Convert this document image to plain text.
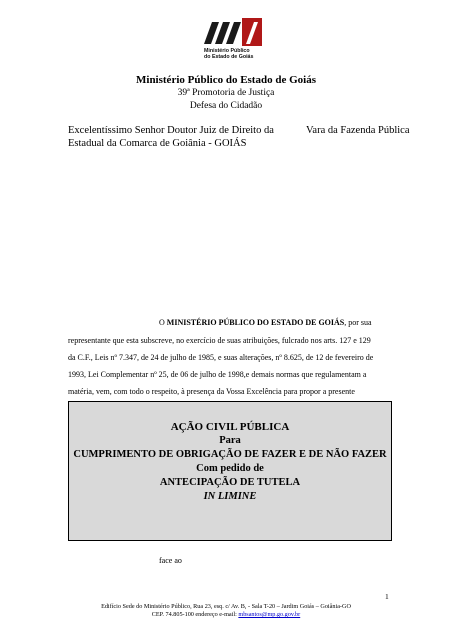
Ministério Público
do Estado de Goiás
Ministério Público do Estado de Goiás
39ª Promotoria de Justiça
Defesa do Cidadão
Excelentíssimo Senhor Doutor Juiz de Direito da
Estadual da Comarca de Goiânia - GOIÁS
Vara da Fazenda Pública
O MINISTÉRIO PÚBLICO DO ESTADO DE GOIÁS, por sua
representante que esta subscreve, no exercício de suas atribuições, fulcrado nos arts. 127 e 129
da C.F., Leis nº 7.347, de 24 de julho de 1985, e suas alterações, nº 8.625, de 12 de fevereiro de
1993, Lei Complementar nº 25, de 06 de julho de 1998,e demais normas que regulamentam a
matéria, vem, com todo o respeito, à presença da Vossa Excelência para propor a presente
AÇÃO CIVIL PÚBLICA
Para
CUMPRIMENTO DE OBRIGAÇÃO DE FAZER E DE NÃO FAZER
Com pedido de
ANTECIPAÇÃO DE TUTELA
IN LIMINE
face ao
1
Edifício Sede do Ministério Público, Rua 23, esq. c/ Av. B, - Sala T-20 – Jardim Goiás – Goiânia-GO
CEP. 74.805-100 endereço e-mail: mbsantos@mp.go.gov.br
